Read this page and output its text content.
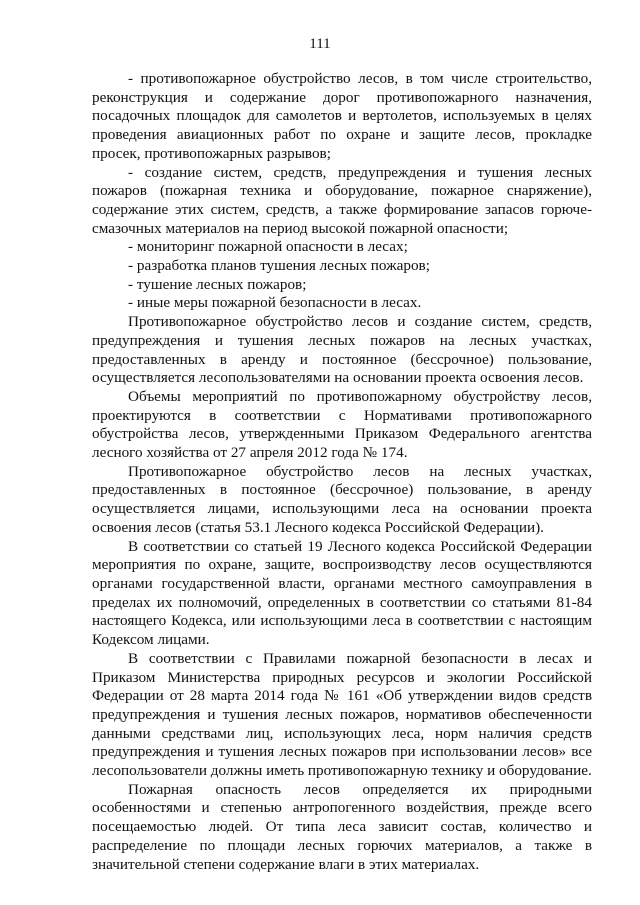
111

- противопожарное обустройство лесов, в том числе строительство, реконструкция и содержание дорог противопожарного назначения, посадочных площадок для самолетов и вертолетов, используемых в целях проведения авиационных работ по охране и защите лесов, прокладке просек, противопожарных разрывов;

- создание систем, средств, предупреждения и тушения лесных пожаров (пожарная техника и оборудование, пожарное снаряжение), содержание этих систем, средств, а также формирование запасов горюче-смазочных материалов на период высокой пожарной опасности;

- мониторинг пожарной опасности в лесах;

- разработка планов тушения лесных пожаров;

- тушение лесных пожаров;

- иные меры пожарной безопасности в лесах.

Противопожарное обустройство лесов и создание систем, средств, предупреждения и тушения лесных пожаров на лесных участках, предоставленных в аренду и постоянное (бессрочное) пользование, осуществляется лесопользователями на основании проекта освоения лесов.

Объемы мероприятий по противопожарному обустройству лесов, проектируются в соответствии с Нормативами противопожарного обустройства лесов, утвержденными Приказом Федерального агентства лесного хозяйства от 27 апреля 2012 года № 174.

Противопожарное обустройство лесов на лесных участках, предоставленных в постоянное (бессрочное) пользование, в аренду осуществляется лицами, использующими леса на основании проекта освоения лесов (статья 53.1 Лесного кодекса Российской Федерации).

В соответствии со статьей 19 Лесного кодекса Российской Федерации мероприятия по охране, защите, воспроизводству лесов осуществляются органами государственной власти, органами местного самоуправления в пределах их полномочий, определенных в соответствии со статьями 81-84 настоящего Кодекса, или использующими леса в соответствии с настоящим Кодексом лицами.

В соответствии с Правилами пожарной безопасности в лесах и Приказом Министерства природных ресурсов и экологии Российской Федерации от 28 марта 2014 года № 161 «Об утверждении видов средств предупреждения и тушения лесных пожаров, нормативов обеспеченности данными средствами лиц, использующих леса, норм наличия средств предупреждения и тушения лесных пожаров при использовании лесов» все лесопользователи должны иметь противопожарную технику и оборудование.

Пожарная опасность лесов определяется их природными особенностями и степенью антропогенного воздействия, прежде всего посещаемостью людей. От типа леса зависит состав, количество и распределение по площади лесных горючих материалов, а также в значительной степени содержание влаги в этих материалах.
